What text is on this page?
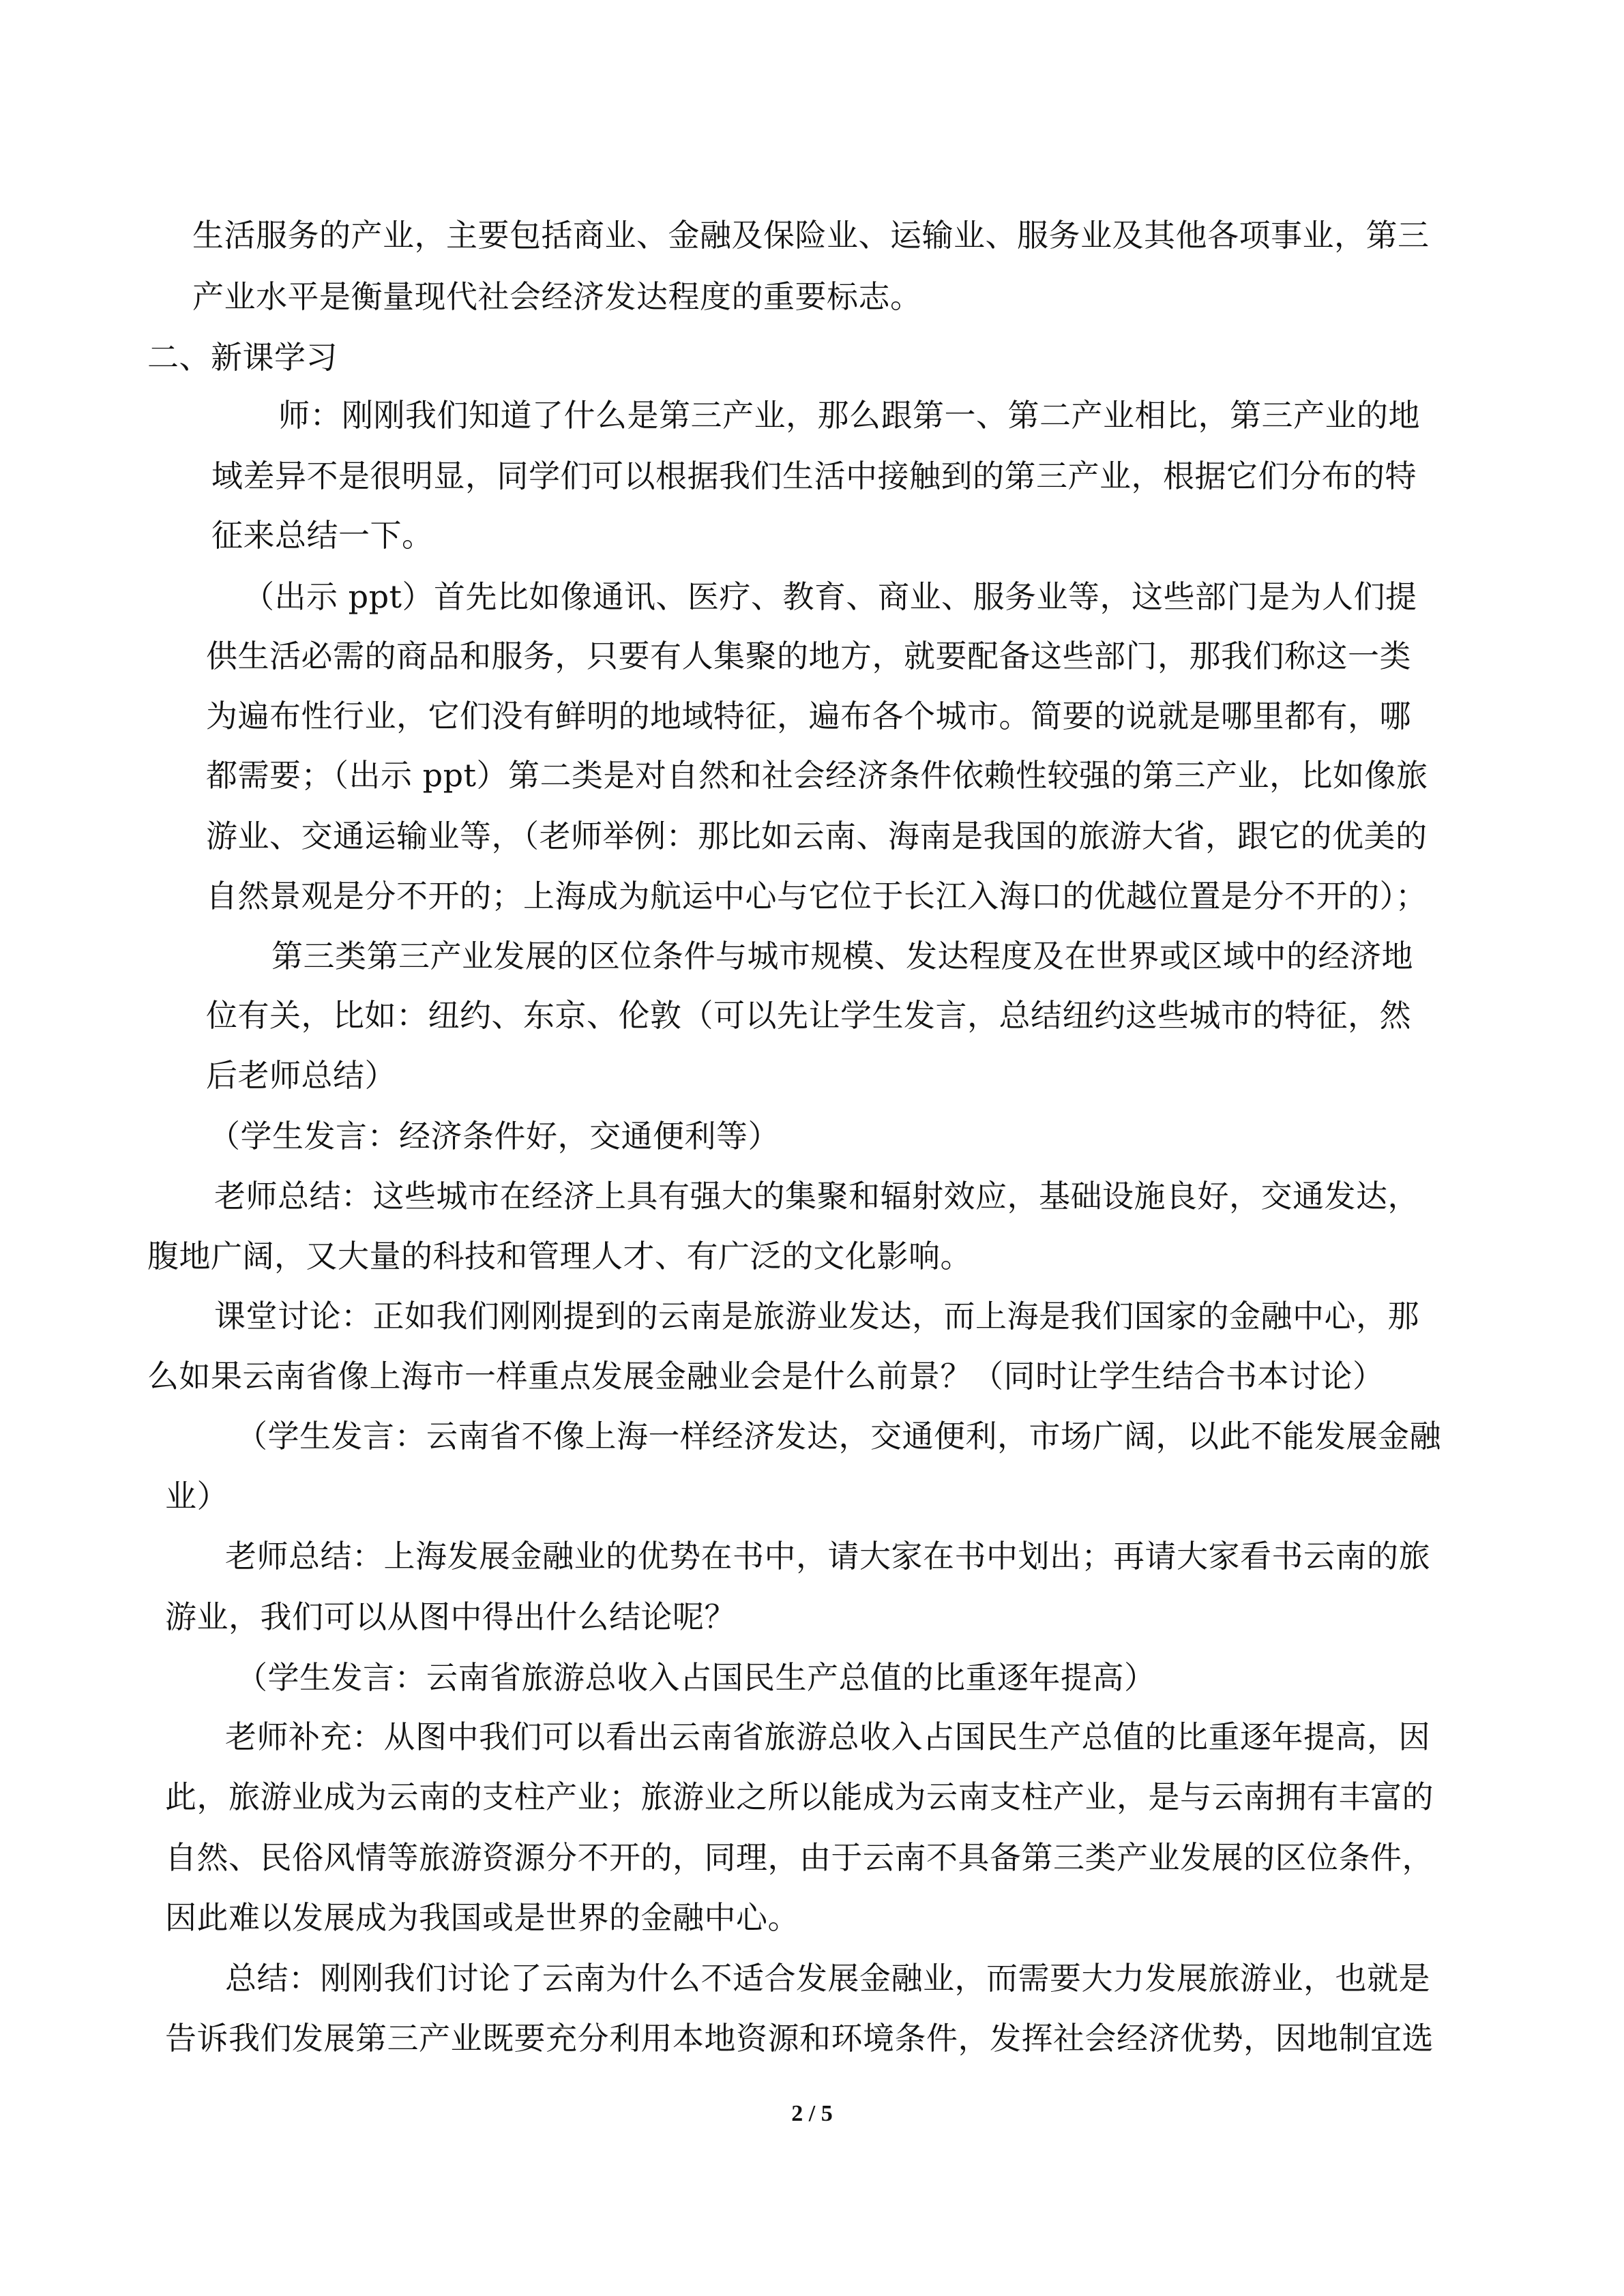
生活服务的产业，主要包括商业、金融及保险业、运输业、服务业及其他各项事业，第三
产业水平是衡量现代社会经济发达程度的重要标志。
二、新课学习
师：刚刚我们知道了什么是第三产业，那么跟第一、第二产业相比，第三产业的地
域差异不是很明显，同学们可以根据我们生活中接触到的第三产业，根据它们分布的特
征来总结一下。
（出示 ppt）首先比如像通讯、医疗、教育、商业、服务业等，这些部门是为人们提
供生活必需的商品和服务，只要有人集聚的地方，就要配备这些部门，那我们称这一类
为遍布性行业，它们没有鲜明的地域特征，遍布各个城市。简要的说就是哪里都有，哪
都需要；（出示 ppt）第二类是对自然和社会经济条件依赖性较强的第三产业，比如像旅
游业、交通运输业等，（老师举例：那比如云南、海南是我国的旅游大省，跟它的优美的
自然景观是分不开的；上海成为航运中心与它位于长江入海口的优越位置是分不开的）；
第三类第三产业发展的区位条件与城市规模、发达程度及在世界或区域中的经济地
位有关，比如：纽约、东京、伦敦（可以先让学生发言，总结纽约这些城市的特征，然
后老师总结）
（学生发言：经济条件好，交通便利等）
老师总结：这些城市在经济上具有强大的集聚和辐射效应，基础设施良好，交通发达，
腹地广阔，又大量的科技和管理人才、有广泛的文化影响。
课堂讨论：正如我们刚刚提到的云南是旅游业发达，而上海是我们国家的金融中心，那
么如果云南省像上海市一样重点发展金融业会是什么前景？（同时让学生结合书本讨论）
（学生发言：云南省不像上海一样经济发达，交通便利，市场广阔，以此不能发展金融
业）
老师总结：上海发展金融业的优势在书中，请大家在书中划出；再请大家看书云南的旅
游业，我们可以从图中得出什么结论呢？
（学生发言：云南省旅游总收入占国民生产总值的比重逐年提高）
老师补充：从图中我们可以看出云南省旅游总收入占国民生产总值的比重逐年提高，因
此，旅游业成为云南的支柱产业；旅游业之所以能成为云南支柱产业，是与云南拥有丰富的
自然、民俗风情等旅游资源分不开的，同理，由于云南不具备第三类产业发展的区位条件，
因此难以发展成为我国或是世界的金融中心。
总结：刚刚我们讨论了云南为什么不适合发展金融业，而需要大力发展旅游业，也就是
告诉我们发展第三产业既要充分利用本地资源和环境条件，发挥社会经济优势，因地制宜选
2 / 5
